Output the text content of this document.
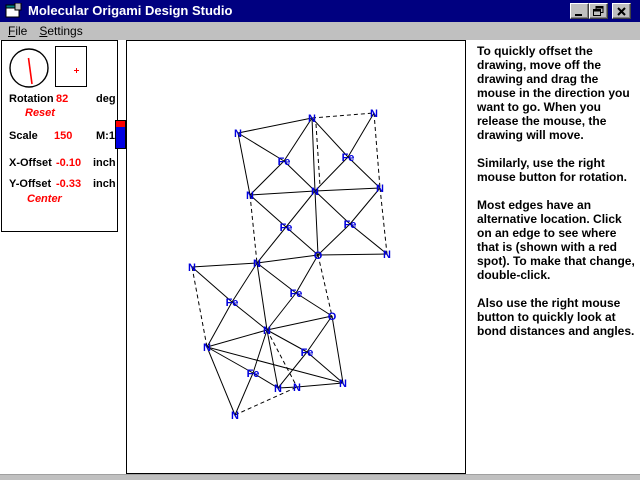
Molecular Origami Design Studio
File	Settings
Rotation 82	deg
Reset
Scale 150 M:1
X-Offset -0.10 inch
Y-Offset -0.33 inch
Center
N	N
N
Fe	Fe
N	N	N
Fe	Fe
O	N
N	N
Fe
Fe
N
O
N
Fe
Fe
N N	N
N

To quickly offset the drawing, move off the drawing and drag the mouse in the direction you want to go. When you release the mouse, the drawing will move.

Similarly, use the right mouse button for rotation.

Most edges have an alternative location. Click on an edge to see where that is (shown with a red spot). To make that change, double-click.

Also use the right mouse button to quickly look at bond distances and angles.
